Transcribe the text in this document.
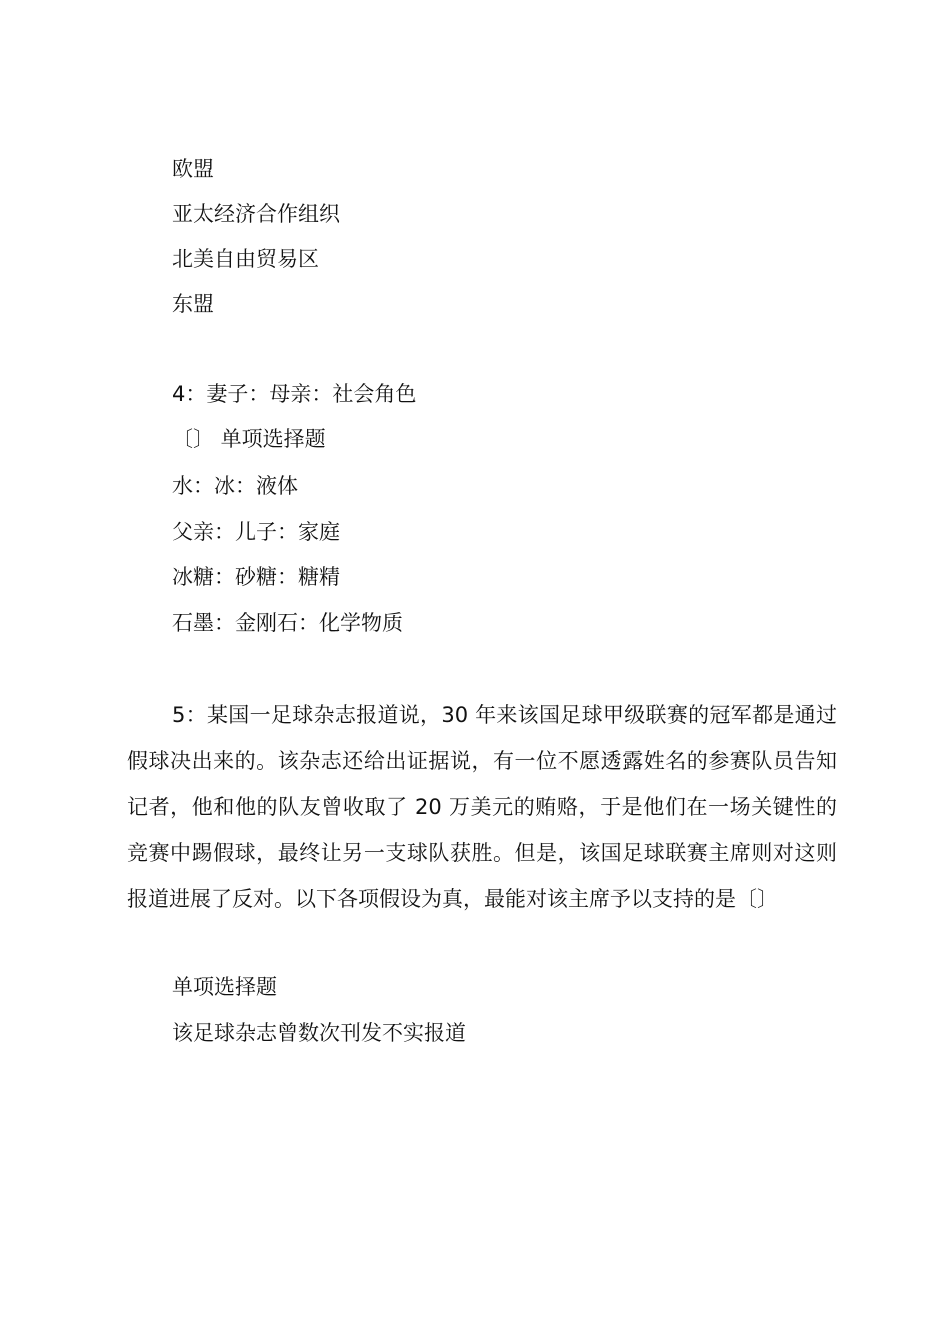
欧盟
亚太经济合作组织
北美自由贸易区
东盟
4：妻子：母亲：社会角色
〔〕 单项选择题
水：冰：液体
父亲：儿子：家庭
冰糖：砂糖：糖精
石墨：金刚石：化学物质

5：某国一足球杂志报道说，30 年来该国足球甲级联赛的冠军都是通过假球决出来的。该杂志还给出证据说，有一位不愿透露姓名的参赛队员告知记者，他和他的队友曾收取了 20 万美元的贿赂，于是他们在一场关键性的竞赛中踢假球，最终让另一支球队获胜。但是，该国足球联赛主席则对这则报道进展了反对。以下各项假设为真，最能对该主席予以支持的是〔〕

单项选择题
该足球杂志曾数次刊发不实报道
